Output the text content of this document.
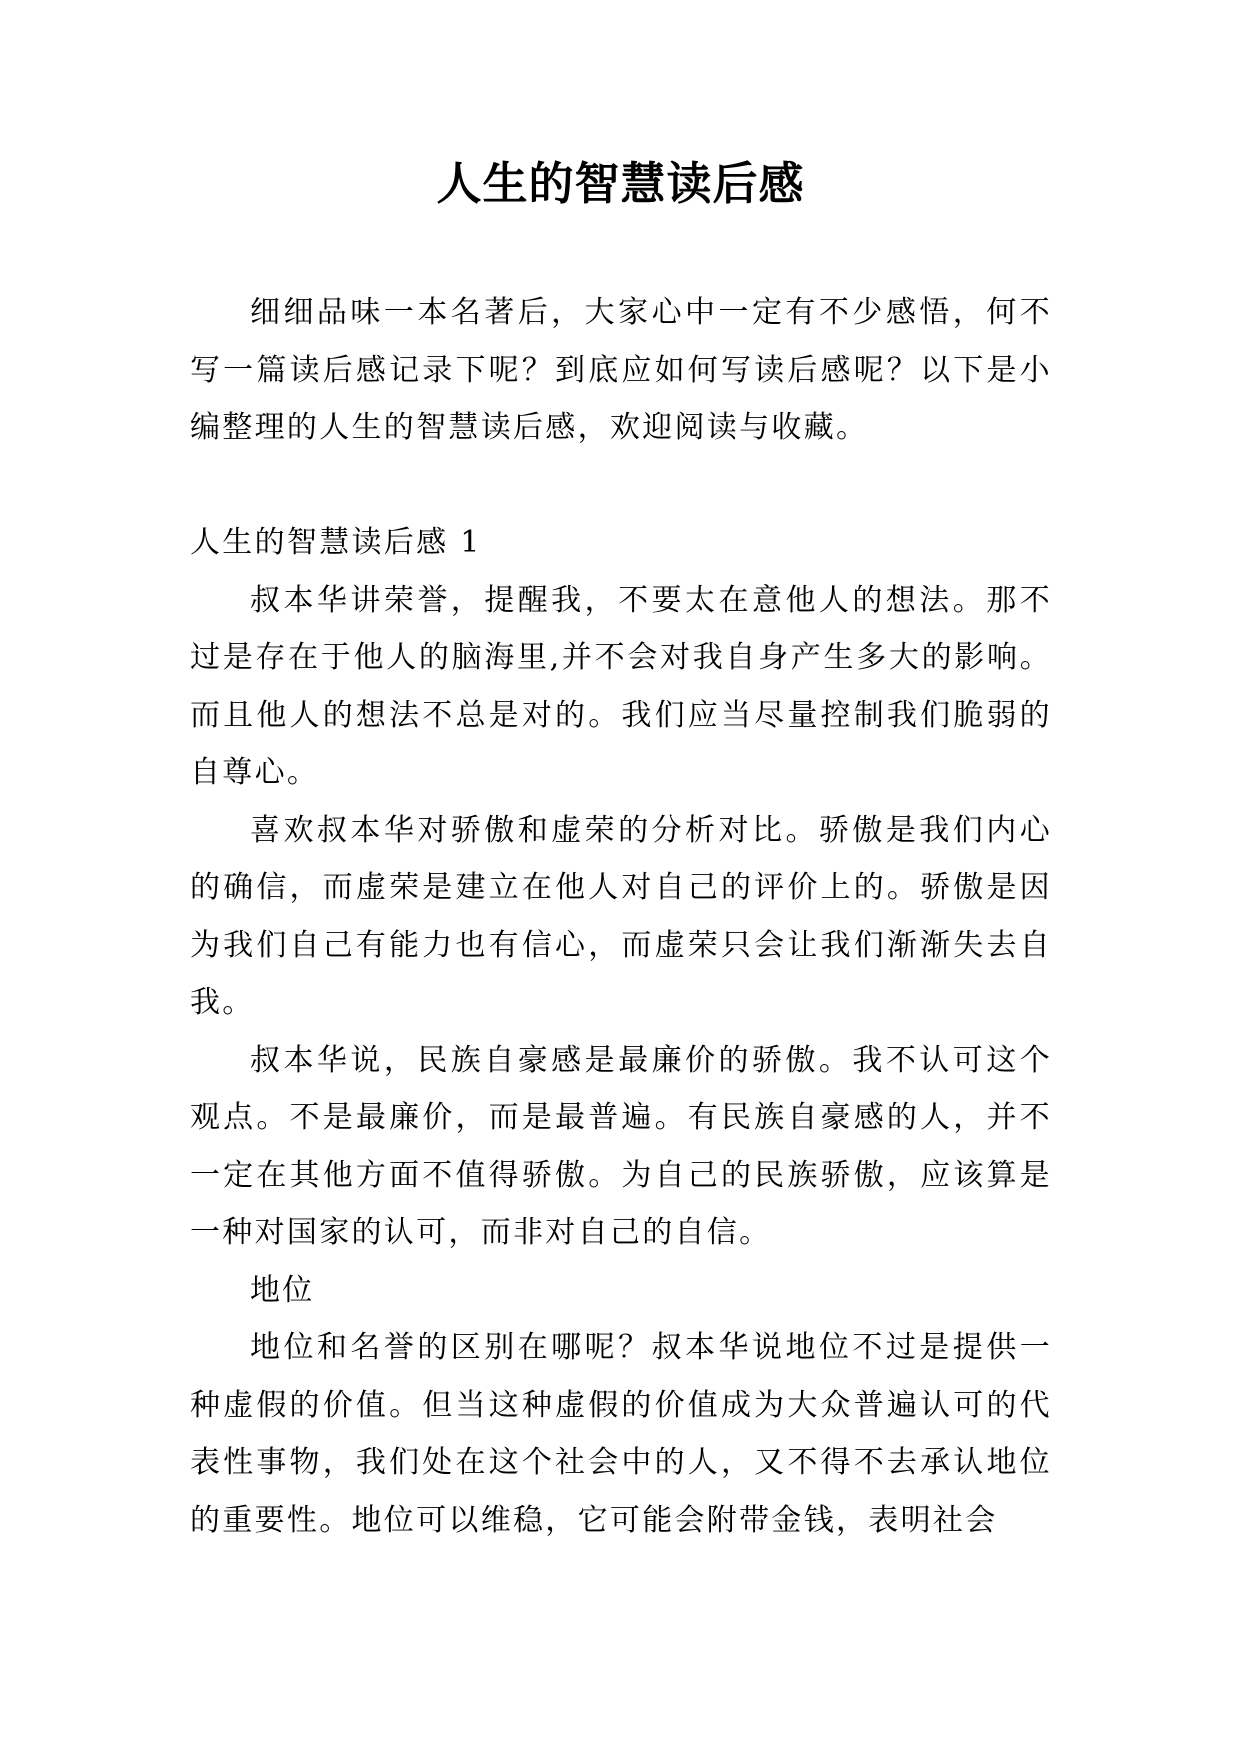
人生的智慧读后感

细细品味一本名著后，大家心中一定有不少感悟，何不写一篇读后感记录下呢？到底应如何写读后感呢？以下是小编整理的人生的智慧读后感，欢迎阅读与收藏。

人生的智慧读后感 1

叔本华讲荣誉，提醒我，不要太在意他人的想法。那不过是存在于他人的脑海里,并不会对我自身产生多大的影响。而且他人的想法不总是对的。我们应当尽量控制我们脆弱的自尊心。

喜欢叔本华对骄傲和虚荣的分析对比。骄傲是我们内心的确信，而虚荣是建立在他人对自己的评价上的。骄傲是因为我们自己有能力也有信心，而虚荣只会让我们渐渐失去自我。

叔本华说，民族自豪感是最廉价的骄傲。我不认可这个观点。不是最廉价，而是最普遍。有民族自豪感的人，并不一定在其他方面不值得骄傲。为自己的民族骄傲，应该算是一种对国家的认可，而非对自己的自信。

地位

地位和名誉的区别在哪呢？叔本华说地位不过是提供一种虚假的价值。但当这种虚假的价值成为大众普遍认可的代表性事物，我们处在这个社会中的人，又不得不去承认地位的重要性。地位可以维稳，它可能会附带金钱，表明社会
